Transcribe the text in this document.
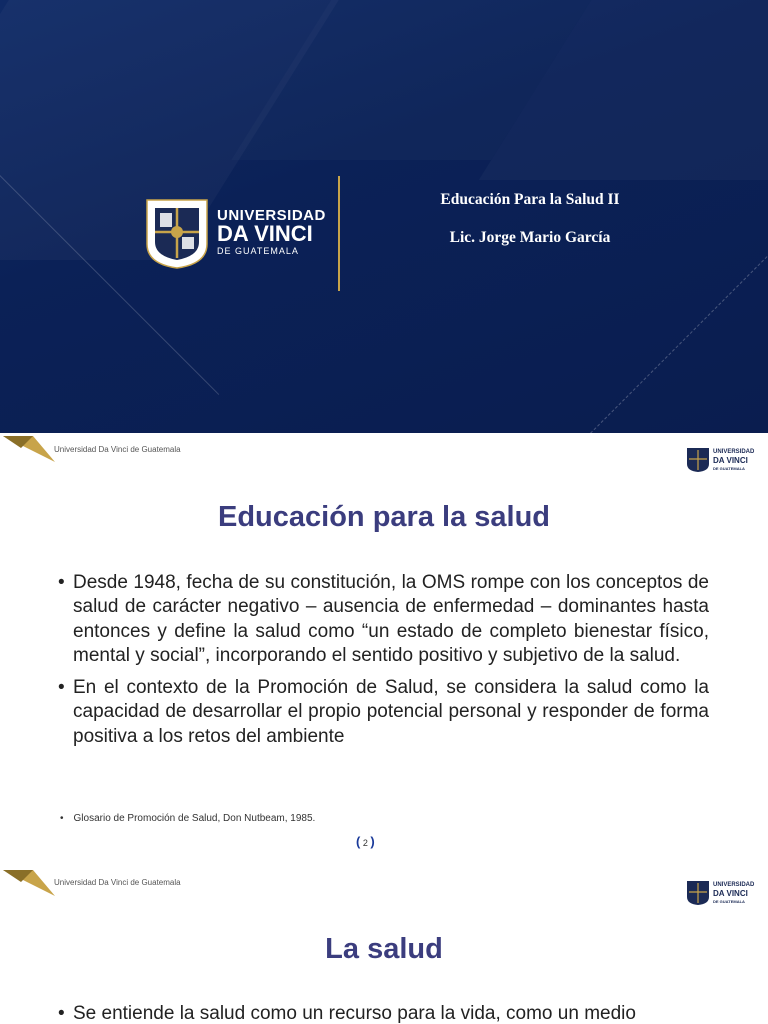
UNIVERSIDAD
DA VINCI
DE GUATEMALA
Educación Para la Salud II
Lic. Jorge Mario García
Universidad Da Vinci de Guatemala	UNIVERSIDAD
DA VINCI
DE GUATEMALA
Educación para la salud
• Desde 1948, fecha de su constitución, la OMS rompe con los conceptos de salud de carácter negativo – ausencia de enfermedad – dominantes hasta entonces y define la salud como “un estado de completo bienestar físico, mental y social”, incorporando el sentido positivo y subjetivo de la salud.
• En el contexto de la Promoción de Salud, se considera la salud como la capacidad de desarrollar el propio potencial personal y responder de forma positiva a los retos del ambiente
• Glosario de Promoción de Salud, Don Nutbeam, 1985.
( 2 )
Universidad Da Vinci de Guatemala	UNIVERSIDAD
DA VINCI
DE GUATEMALA
La salud
• Se entiende la salud como un recurso para la vida, como un medio
